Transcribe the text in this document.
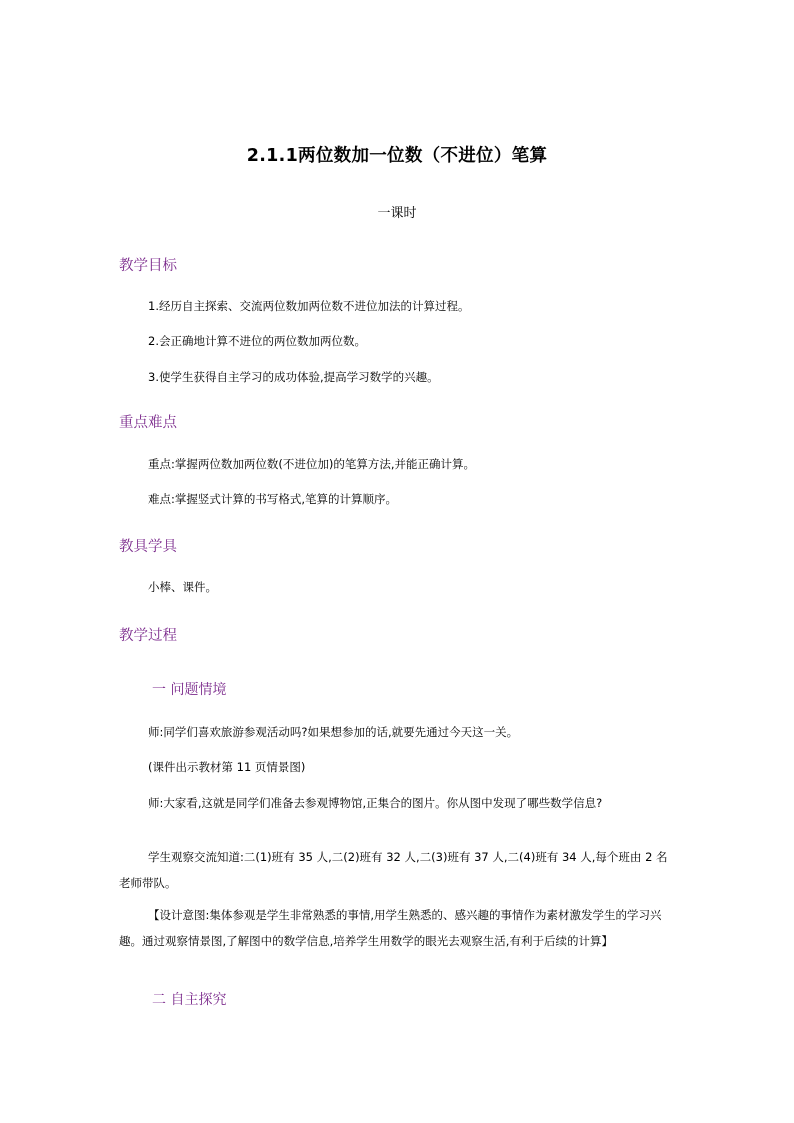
2.1.1两位数加一位数（不进位）笔算
一课时
教学目标
1.经历自主探索、交流两位数加两位数不进位加法的计算过程。
2.会正确地计算不进位的两位数加两位数。
3.使学生获得自主学习的成功体验,提高学习数学的兴趣。
重点难点
重点:掌握两位数加两位数(不进位加)的笔算方法,并能正确计算。
难点:掌握竖式计算的书写格式,笔算的计算顺序。
教具学具
小棒、课件。
教学过程
一 问题情境
师:同学们喜欢旅游参观活动吗?如果想参加的话,就要先通过今天这一关。
(课件出示教材第 11 页情景图)
师:大家看,这就是同学们准备去参观博物馆,正集合的图片。你从图中发现了哪些数学信息?
学生观察交流知道:二(1)班有 35 人,二(2)班有 32 人,二(3)班有 37 人,二(4)班有 34 人,每个班由 2 名老师带队。
【设计意图:集体参观是学生非常熟悉的事情,用学生熟悉的、感兴趣的事情作为素材激发学生的学习兴趣。通过观察情景图,了解图中的数学信息,培养学生用数学的眼光去观察生活,有利于后续的计算】
二 自主探究
